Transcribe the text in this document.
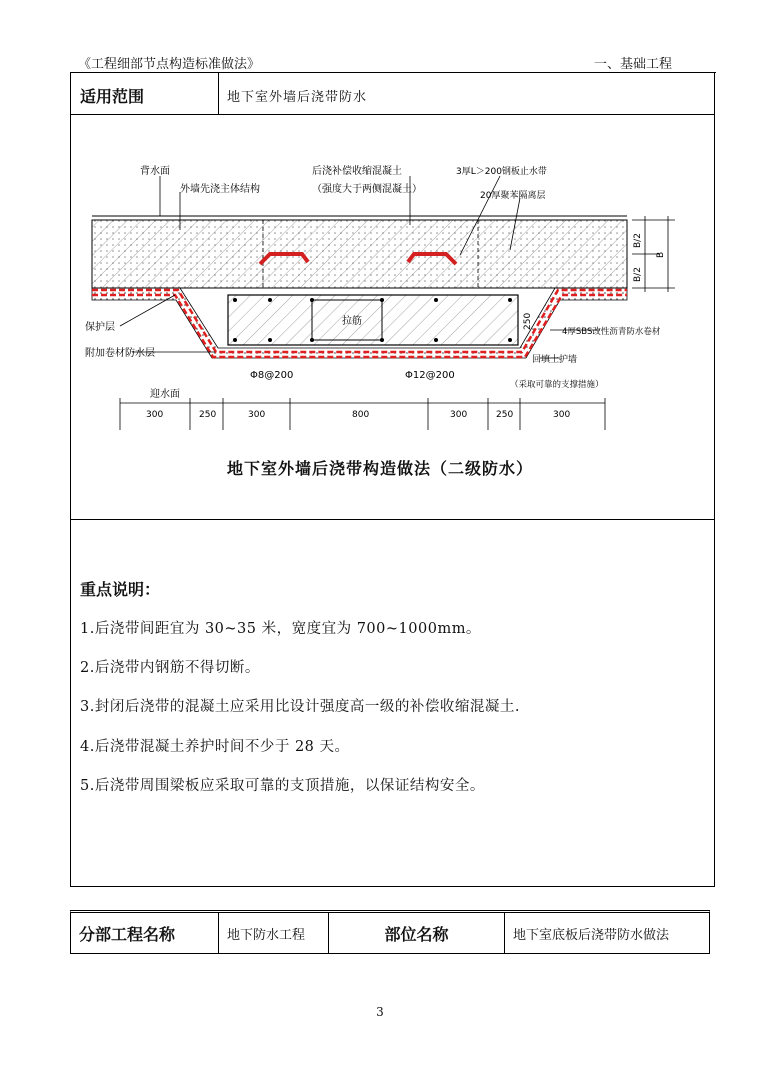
《工程细部节点构造标准做法》	一、基础工程
适用范围	地下室外墙后浇带防水
B/2
B/2
B
250
背水面
外墙先浇主体结构
后浇补偿收缩混凝土
（强度大于两侧混凝土）
3厚L＞200钢板止水带
20厚聚苯隔离层
拉筋
保护层
附加卷材防水层
迎水面
4厚SBS改性沥青防水卷材
回填土护墙
（采取可靠的支撑措施）
Φ8@200	Φ12@200
300	250	300	800	300	250	300
地下室外墙后浇带构造做法（二级防水）
重点说明：
1.后浇带间距宜为 30~35 米，宽度宜为 700~1000mm。
2.后浇带内钢筋不得切断。
3.封闭后浇带的混凝土应采用比设计强度高一级的补偿收缩混凝土.
4.后浇带混凝土养护时间不少于 28 天。
5.后浇带周围梁板应采取可靠的支顶措施，以保证结构安全。
分部工程名称	地下防水工程	部位名称	地下室底板后浇带防水做法
3
